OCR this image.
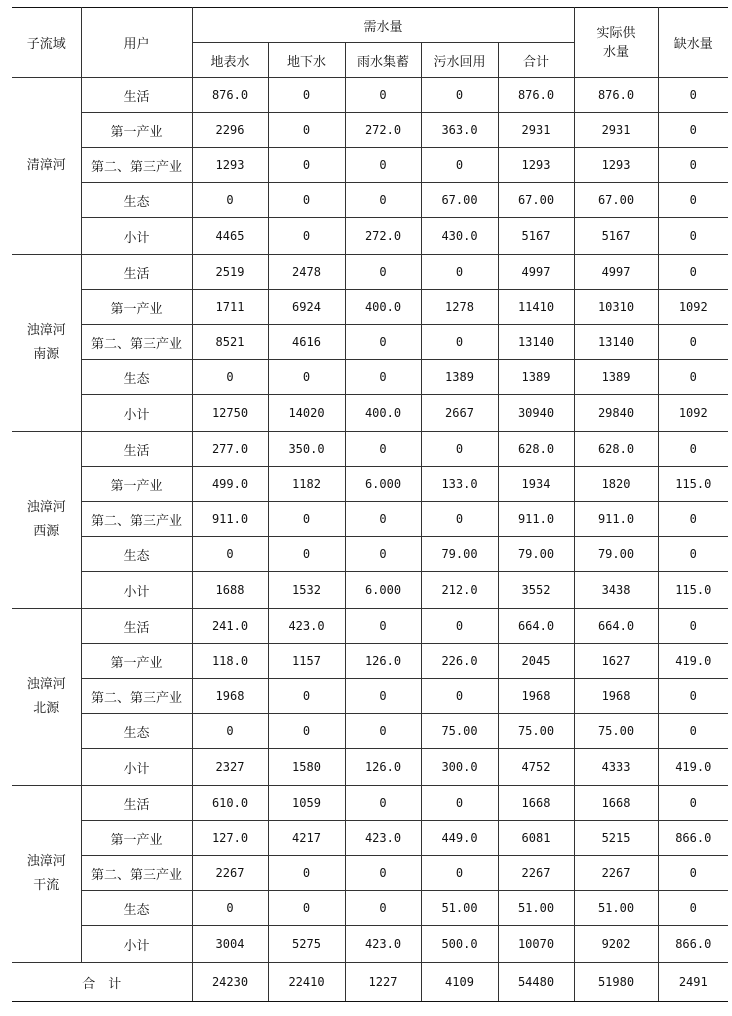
子流域	用户	需水量					实际供水量	缺水量
		地表水	地下水	雨水集蓄	污水回用	合计		

清漳河	生活	876.0	0	0	0	876.0	876.0	0
	第一产业	2296	0	272.0	363.0	2931	2931	0
	第二、第三产业	1293	0	0	0	1293	1293	0
	生态	0	0	0	67.00	67.00	67.00	0
	小计	4465	0	272.0	430.0	5167	5167	0

浊漳河南源	生活	2519	2478	0	0	4997	4997	0
	第一产业	1711	6924	400.0	1278	11410	10310	1092
	第二、第三产业	8521	4616	0	0	13140	13140	0
	生态	0	0	0	1389	1389	1389	0
	小计	12750	14020	400.0	2667	30940	29840	1092

浊漳河西源	生活	277.0	350.0	0	0	628.0	628.0	0
	第一产业	499.0	1182	6.000	133.0	1934	1820	115.0
	第二、第三产业	911.0	0	0	0	911.0	911.0	0
	生态	0	0	0	79.00	79.00	79.00	0
	小计	1688	1532	6.000	212.0	3552	3438	115.0

浊漳河北源	生活	241.0	423.0	0	0	664.0	664.0	0
	第一产业	118.0	1157	126.0	226.0	2045	1627	419.0
	第二、第三产业	1968	0	0	0	1968	1968	0
	生态	0	0	0	75.00	75.00	75.00	0
	小计	2327	1580	126.0	300.0	4752	4333	419.0

浊漳河干流	生活	610.0	1059	0	0	1668	1668	0
	第一产业	127.0	4217	423.0	449.0	6081	5215	866.0
	第二、第三产业	2267	0	0	0	2267	2267	0
	生态	0	0	0	51.00	51.00	51.00	0
	小计	3004	5275	423.0	500.0	10070	9202	866.0
合　计		24230	22410	1227	4109	54480	51980	2491
